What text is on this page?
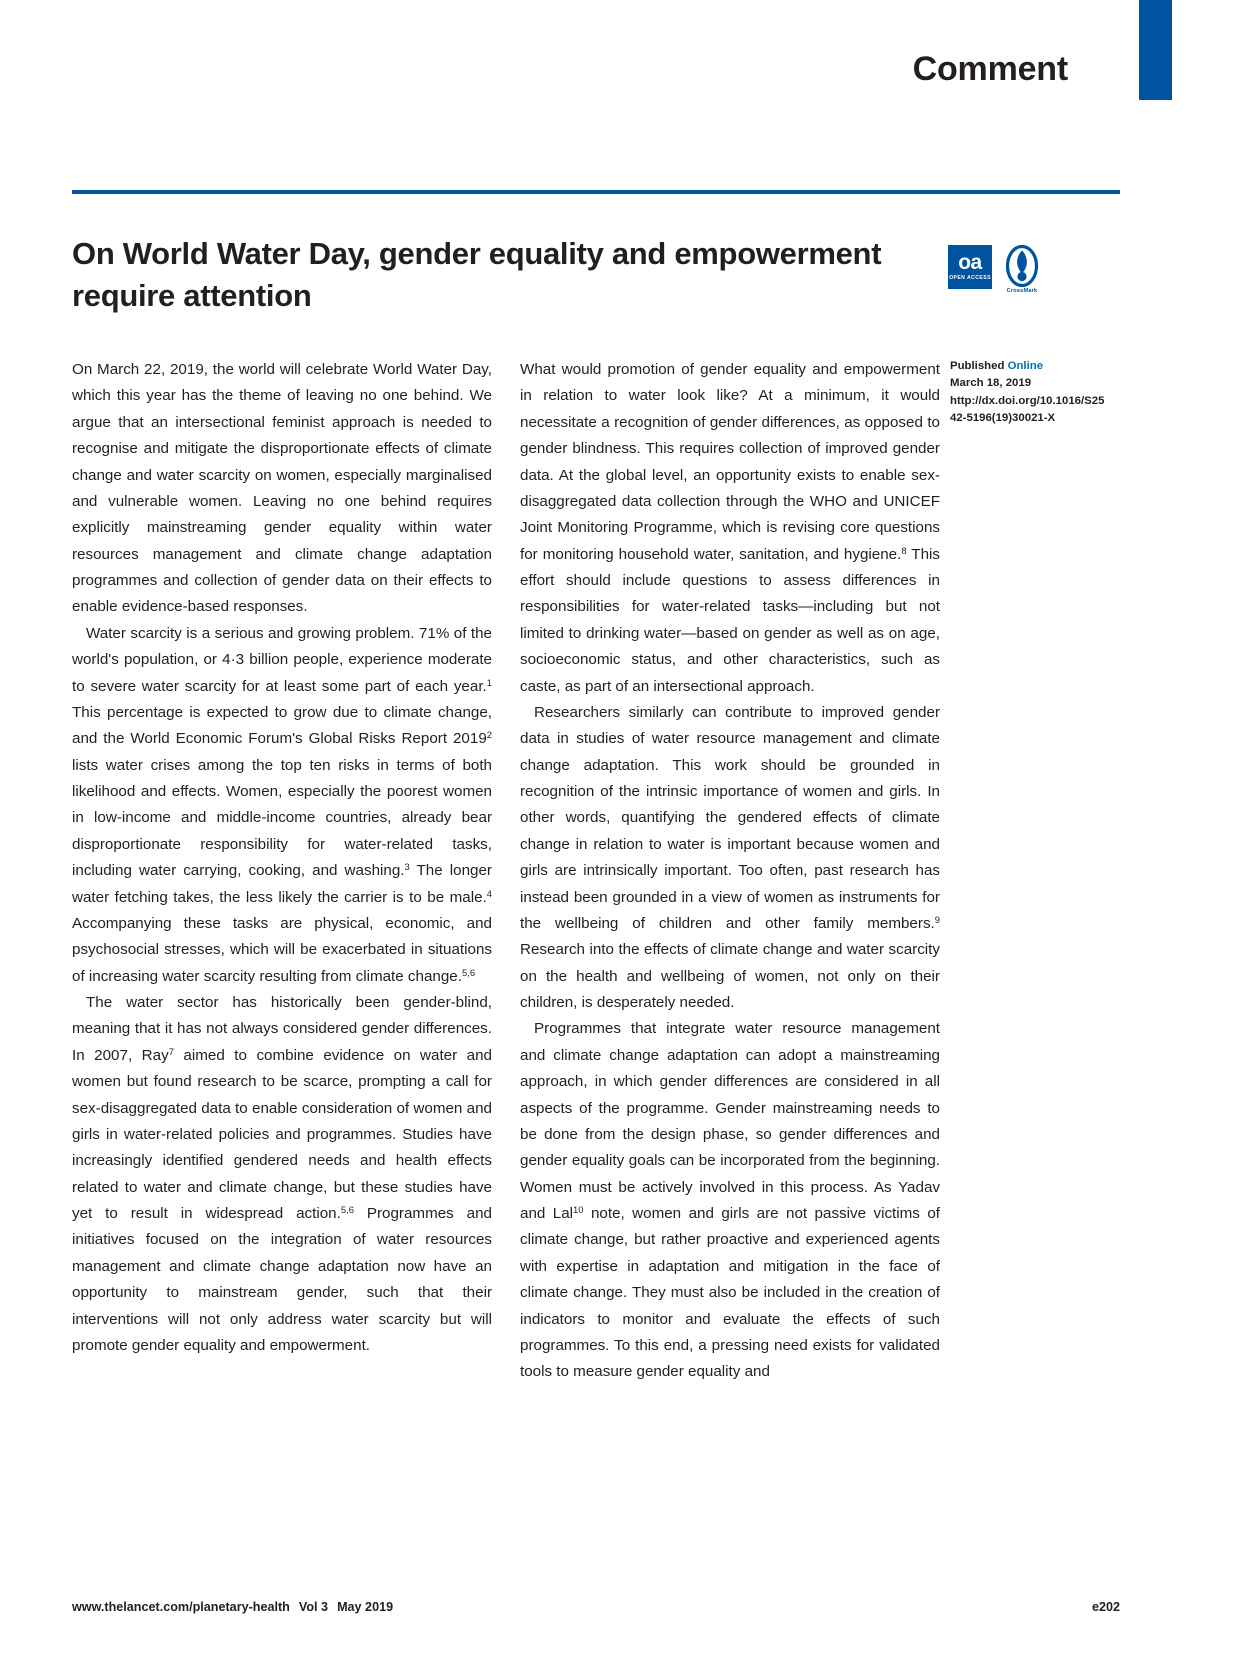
Comment
On World Water Day, gender equality and empowerment
require attention
oa
OPEN ACCESS
CrossMark
Published Online
March 18, 2019
http://dx.doi.org/10.1016/S2542-5196(19)30021-X

On March 22, 2019, the world will celebrate World Water Day, which this year has the theme of leaving no one behind. We argue that an intersectional feminist approach is needed to recognise and mitigate the disproportionate effects of climate change and water scarcity on women, especially marginalised and vulnerable women. Leaving no one behind requires explicitly mainstreaming gender equality within water resources management and climate change adaptation programmes and collection of gender data on their effects to enable evidence-based responses.

Water scarcity is a serious and growing problem. 71% of the world's population, or 4·3 billion people, experience moderate to severe water scarcity for at least some part of each year.$^1$ This percentage is expected to grow due to climate change, and the World Economic Forum's Global Risks Report 2019$^2$ lists water crises among the top ten risks in terms of both likelihood and effects. Women, especially the poorest women in low-income and middle-income countries, already bear disproportionate responsibility for water-related tasks, including water carrying, cooking, and washing.$^3$ The longer water fetching takes, the less likely the carrier is to be male.$^4$ Accompanying these tasks are physical, economic, and psychosocial stresses, which will be exacerbated in situations of increasing water scarcity resulting from climate change.$^{5,6}$

The water sector has historically been gender-blind, meaning that it has not always considered gender differences. In 2007, Ray$^7$ aimed to combine evidence on water and women but found research to be scarce, prompting a call for sex-disaggregated data to enable consideration of women and girls in water-related policies and programmes. Studies have increasingly identified gendered needs and health effects related to water and climate change, but these studies have yet to result in widespread action.$^{5,6}$ Programmes and initiatives focused on the integration of water resources management and climate change adaptation now have an opportunity to mainstream gender, such that their interventions will not only address water scarcity but will promote gender equality and empowerment.

What would promotion of gender equality and empowerment in relation to water look like? At a minimum, it would necessitate a recognition of gender differences, as opposed to gender blindness. This requires collection of improved gender data. At the global level, an opportunity exists to enable sex-disaggregated data collection through the WHO and UNICEF Joint Monitoring Programme, which is revising core questions for monitoring household water, sanitation, and hygiene.$^8$ This effort should include questions to assess differences in responsibilities for water-related tasks—including but not limited to drinking water—based on gender as well as on age, socioeconomic status, and other characteristics, such as caste, as part of an intersectional approach.

Researchers similarly can contribute to improved gender data in studies of water resource management and climate change adaptation. This work should be grounded in recognition of the intrinsic importance of women and girls. In other words, quantifying the gendered effects of climate change in relation to water is important because women and girls are intrinsically important. Too often, past research has instead been grounded in a view of women as instruments for the wellbeing of children and other family members.$^9$ Research into the effects of climate change and water scarcity on the health and wellbeing of women, not only on their children, is desperately needed.

Programmes that integrate water resource management and climate change adaptation can adopt a mainstreaming approach, in which gender differences are considered in all aspects of the programme. Gender mainstreaming needs to be done from the design phase, so gender differences and gender equality goals can be incorporated from the beginning. Women must be actively involved in this process. As Yadav and Lal$^{10}$ note, women and girls are not passive victims of climate change, but rather proactive and experienced agents with expertise in adaptation and mitigation in the face of climate change. They must also be included in the creation of indicators to monitor and evaluate the effects of such programmes. To this end, a pressing need exists for validated tools to measure gender equality and

www.thelancet.com/planetary-health Vol 3 May 2019	e202
